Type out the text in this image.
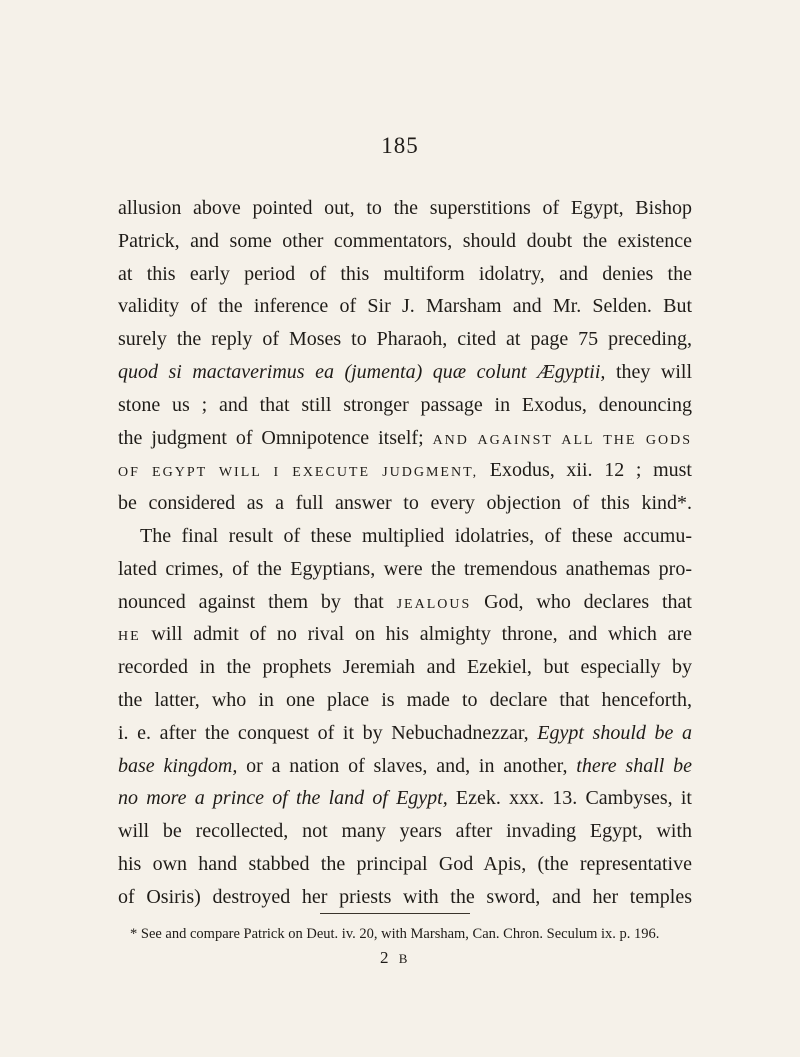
185
allusion above pointed out, to the superstitions of Egypt, Bishop
Patrick, and some other commentators, should doubt the existence
at this early period of this multiform idolatry, and denies the
validity of the inference of Sir J. Marsham and Mr. Selden. But
surely the reply of Moses to Pharaoh, cited at page 75 preceding,
quod si mactaverimus ea (jumenta) quæ colunt Ægyptii, they will
stone us ; and that still stronger passage in Exodus, denouncing
the judgment of Omnipotence itself; AND AGAINST ALL THE GODS
OF EGYPT WILL I EXECUTE JUDGMENT, Exodus, xii. 12 ; must
be considered as a full answer to every objection of this kind*.
The final result of these multiplied idolatries, of these accumu-
lated crimes, of the Egyptians, were the tremendous anathemas pro-
nounced against them by that JEALOUS God, who declares that
HE will admit of no rival on his almighty throne, and which are
recorded in the prophets Jeremiah and Ezekiel, but especially by
the latter, who in one place is made to declare that henceforth,
i. e. after the conquest of it by Nebuchadnezzar, Egypt should be a
base kingdom, or a nation of slaves, and, in another, there shall be
no more a prince of the land of Egypt, Ezek. xxx. 13. Cambyses, it
will be recollected, not many years after invading Egypt, with
his own hand stabbed the principal God Apis, (the representative
of Osiris) destroyed her priests with the sword, and her temples
* See and compare Patrick on Deut. iv. 20, with Marsham, Can. Chron. Seculum ix. p. 196.
2 B
